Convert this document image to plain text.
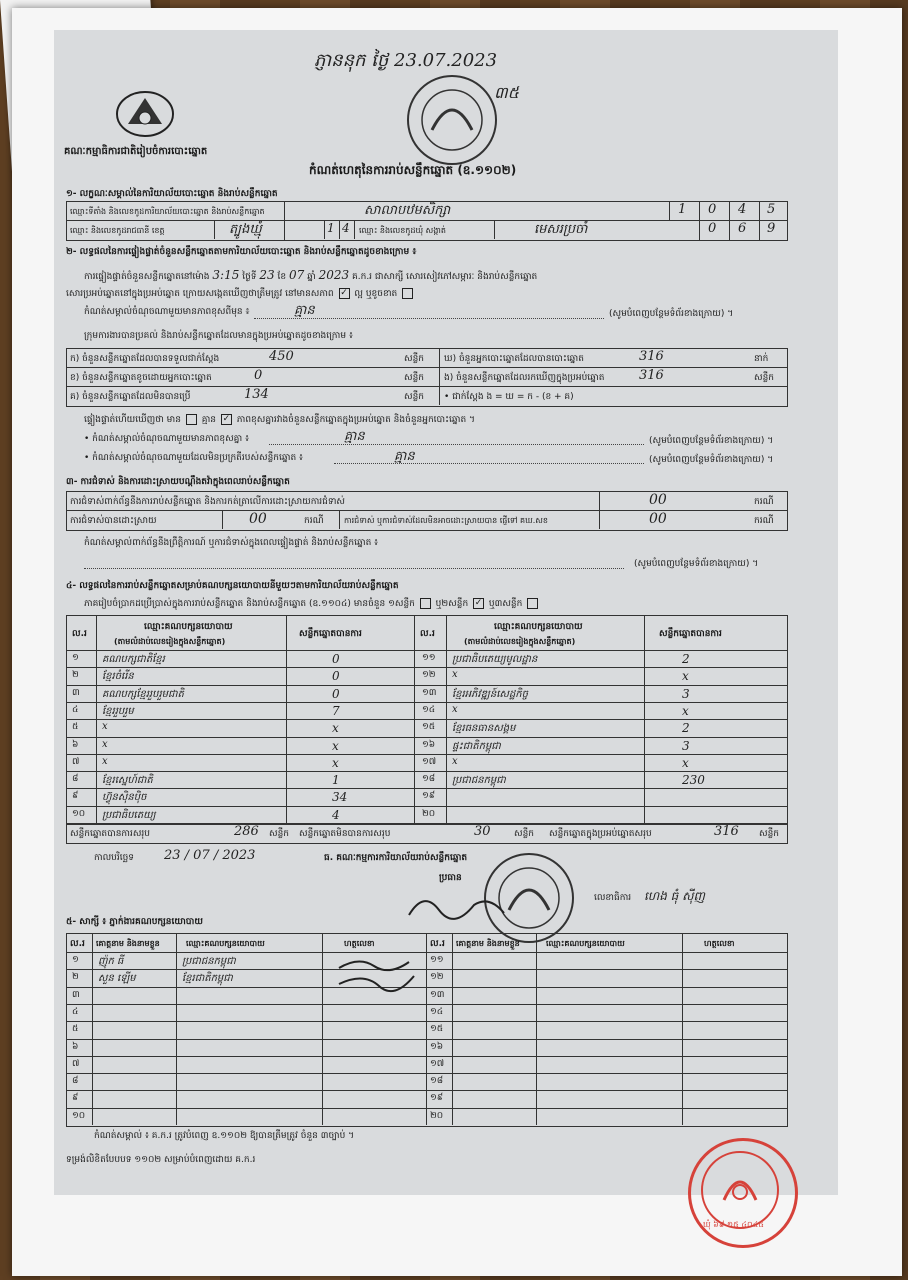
ភ្ញាននុក ថ្ងៃ 23.07.2023
៣៥
គណៈកម្មាធិការជាតិរៀបចំការបោះឆ្នោត
កំណត់ហេតុនៃការរាប់សន្លឹកឆ្នោត (ឧ.១១០២)
១- លក្ខណៈសម្គាល់នៃការិយាល័យបោះឆ្នោត និងរាប់សន្លឹកឆ្នោត
ឈ្មោះទីតាំង និងលេខកូដការិយាល័យបោះឆ្នោត និងរាប់សន្លឹកឆ្នោត	សាលាបឋមសិក្សា	1 0 4 5
ឈ្មោះ និងលេខកូដរាជធានី ខេត្ត	ត្បូងឃ្មុំ	1 4 ឈ្មោះ និងលេខកូដឃុំ សង្កាត់	មេសរប្រចាំ	0 6 9
២- លទ្ធផលនៃការផ្ទៀងផ្ទាត់ចំនួនសន្លឹកឆ្នោតតាមការិយាល័យបោះឆ្នោត និងរាប់សន្លឹកឆ្នោតដូចខាងក្រោម ៖
ការផ្ទៀងផ្ទាត់ចំនួនសន្លឹកឆ្នោតនៅម៉ោង 3:15 ថ្ងៃទី 23 ខែ 07 ឆ្នាំ 2023 គ.ក.រ ជាសាក្សី សោរសៀវភៅសម្ភារៈ និងរាប់សន្លឹកឆ្នោត
សោរប្រអប់ឆ្នោតនៅក្នុងប្រអប់ឆ្នោត ក្រោយសង្កេតឃើញថាត្រឹមត្រូវ នៅមានសភាព ✓ ល្អ ឬខូចខាត
កំណត់សម្គាល់ចំណុចណាមួយមានភាពខុសពីមុន ៖	គ្មាន	(សូមបំពេញបន្ថែមទំព័រខាងក្រោយ) ។
ក្រុមការងារបានប្រគល់ និងរាប់សន្លឹកឆ្នោតដែលមានក្នុងប្រអប់ឆ្នោតដូចខាងក្រោម ៖
ក) ចំនួនសន្លឹកឆ្នោតដែលបានទទួលជាក់ស្តែង	450	សន្លឹក
ខ) ចំនួនសន្លឹកឆ្នោតខូចដោយអ្នកបោះឆ្នោត	0	សន្លឹក
គ) ចំនួនសន្លឹកឆ្នោតដែលមិនបានប្រើ	134	សន្លឹក
ឃ) ចំនួនអ្នកបោះឆ្នោតដែលបានបោះឆ្នោត	316	នាក់
ង) ចំនួនសន្លឹកឆ្នោតដែលរកឃើញក្នុងប្រអប់ឆ្នោត	316	សន្លឹក
• ជាក់ស្តែង ង = ឃ = ក - (ខ + គ)
ផ្ទៀងផ្ទាត់ហើយឃើញថា មាន គ្មាន ✓ ភាពខុសគ្នារវាងចំនួនសន្លឹកឆ្នោតក្នុងប្រអប់ឆ្នោត និងចំនួនអ្នកបោះឆ្នោត ។
• កំណត់សម្គាល់ចំណុចណាមួយមានភាពខុសគ្នា ៖	គ្មាន	(សូមបំពេញបន្ថែមទំព័រខាងក្រោយ) ។
• កំណត់សម្គាល់ចំណុចណាមួយដែលមិនប្រក្រតីរបស់សន្លឹកឆ្នោត ៖	គ្មាន	(សូមបំពេញបន្ថែមទំព័រខាងក្រោយ) ។
៣- ការជំទាស់ និងការដោះស្រាយបណ្តឹងតវ៉ាក្នុងពេលរាប់សន្លឹកឆ្នោត
ការជំទាស់ពាក់ព័ន្ធនឹងការរាប់សន្លឹកឆ្នោត និងការកត់ត្រាលើការដោះស្រាយការជំទាស់	00	ករណី
ការជំទាស់បានដោះស្រាយ	00	ករណី	ការជំទាស់ ឬការជំទាស់ដែលមិនអាចដោះស្រាយបាន ផ្ញើទៅ គឃ.សខ	00	ករណី
កំណត់សម្គាល់ពាក់ព័ន្ធនឹងព្រឹត្តិការណ៍ ឬការជំទាស់ក្នុងពេលផ្ទៀងផ្ទាត់ និងរាប់សន្លឹកឆ្នោត ៖
(សូមបំពេញបន្ថែមទំព័រខាងក្រោយ) ។
៤- លទ្ធផលនៃការរាប់សន្លឹកឆ្នោតសម្រាប់គណបក្សនយោបាយនីមួយៗតាមការិយាល័យរាប់សន្លឹកឆ្នោត
ភាគរៀបចំប្រាកដប្រើប្រាស់ក្នុងការរាប់សន្លឹកឆ្នោត និងរាប់សន្លឹកឆ្នោត (ឧ.១១០៤) មានចំនួន ១សន្លឹក ឬ២សន្លឹក ✓ ឬ៣សន្លឹក
ល.រ
ឈ្មោះគណបក្សនយោបាយ
(តាមលំដាប់លេខរៀងក្នុងសន្លឹកឆ្នោត)
សន្លឹកឆ្នោតបានការ	ល.រ
ឈ្មោះគណបក្សនយោបាយ
(តាមលំដាប់លេខរៀងក្នុងសន្លឹកឆ្នោត)
សន្លឹកឆ្នោតបានការ
១ គណបក្សជាតិខ្មែរ	0	១១ ប្រជាធិបតេយ្យមូលដ្ឋាន	2
២ ខ្មែរចំរើន	0	១២ x	x
៣ គណបក្សខ្មែររួបរួមជាតិ	0	១៣ ខ្មែរអភិវឌ្ឍន៍សេដ្ឋកិច្ច	3
៤ ខ្មែររួបរួម	7	១៤ x	x
៥ x	x	១៥ ខ្មែរធនធានសង្គម	2
៦ x	x	១៦ ផ្ទះជាតិកម្ពុជា	3
៧ x	x	១៧ x	x
៨ ខ្មែរស្នេហ៍ជាតិ	1	១៨ ប្រជាជនកម្ពុជា	230
៩ ហ៊្វុនស៊ិនប៉ិច	34	១៩
១០ ប្រជាធិបតេយ្យ	4	២០
សន្លឹកឆ្នោតបានការសរុប	286 សន្លឹក សន្លឹកឆ្នោតមិនបានការសរុប	30	សន្លឹក សន្លឹកឆ្នោតក្នុងប្រអប់ឆ្នោតសរុប	316 សន្លឹក
កាលបរិច្ឆេទ 23 / 07 / 2023	ធ. គណៈកម្មការការិយាល័យរាប់សន្លឹកឆ្នោត
ប្រធាន
លេខាធិការ ហេង ធុំ ស៊ីញ
៥- សាក្សី ៖ ភ្នាក់ងារគណបក្សនយោបាយ
ល.រ គោត្តនាម និងនាមខ្លួន	ឈ្មោះគណបក្សនយោបាយ	ហត្ថលេខា	ល.រ គោត្តនាម និងនាមខ្លួន	ឈ្មោះគណបក្សនយោបាយ	ហត្ថលេខា
១ ញ៉ុក ធី	ប្រជាជនកម្ពុជា	១១
២ សួន ឡើម	ខ្មែរជាតិកម្ពុជា	១២
៣	១៣
៤	១៤
៥	១៥
៦	១៦
៧	១៧
៨	១៨
៩	១៩
១០	២០
កំណត់សម្គាល់ ៖ គ.ក.រ ត្រូវបំពេញ ឧ.១១០២ ឱ្យបានត្រឹមត្រូវ ចំនួន ៣ច្បាប់ ។
ទម្រង់លិខិតបែបបទ ១១០២ សម្រាប់បំពេញដោយ គ.ក.រ
ឃុំ ៦៩ ១៥ ៤០៤៥
